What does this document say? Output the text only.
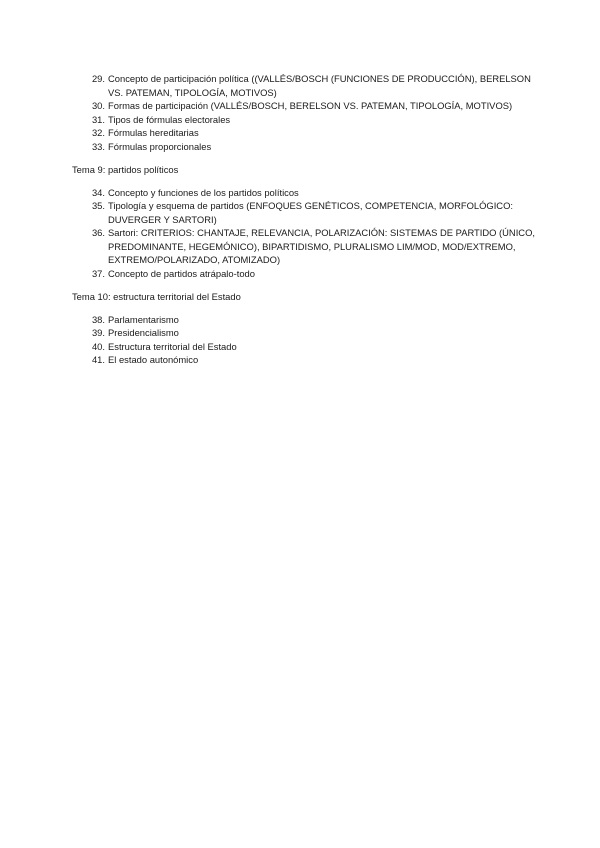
29. Concepto de participación política ((VALLÉS/BOSCH (FUNCIONES DE PRODUCCIÓN), BERELSON VS. PATEMAN, TIPOLOGÍA, MOTIVOS)
30. Formas de participación (VALLÉS/BOSCH, BERELSON VS. PATEMAN, TIPOLOGÍA, MOTIVOS)
31. Tipos de fórmulas electorales
32. Fórmulas hereditarias
33. Fórmulas proporcionales
Tema 9: partidos políticos
34. Concepto y funciones de los partidos políticos
35. Tipología y esquema de partidos (ENFOQUES GENÉTICOS, COMPETENCIA, MORFOLÓGICO: DUVERGER Y SARTORI)
36. Sartori: CRITERIOS: CHANTAJE, RELEVANCIA, POLARIZACIÓN: SISTEMAS DE PARTIDO (ÚNICO, PREDOMINANTE, HEGEMÓNICO), BIPARTIDISMO, PLURALISMO LIM/MOD, MOD/EXTREMO, EXTREMO/POLARIZADO, ATOMIZADO)
37. Concepto de partidos atrápalo-todo
Tema 10: estructura territorial del Estado
38. Parlamentarismo
39. Presidencialismo
40. Estructura territorial del Estado
41. El estado autonómico
